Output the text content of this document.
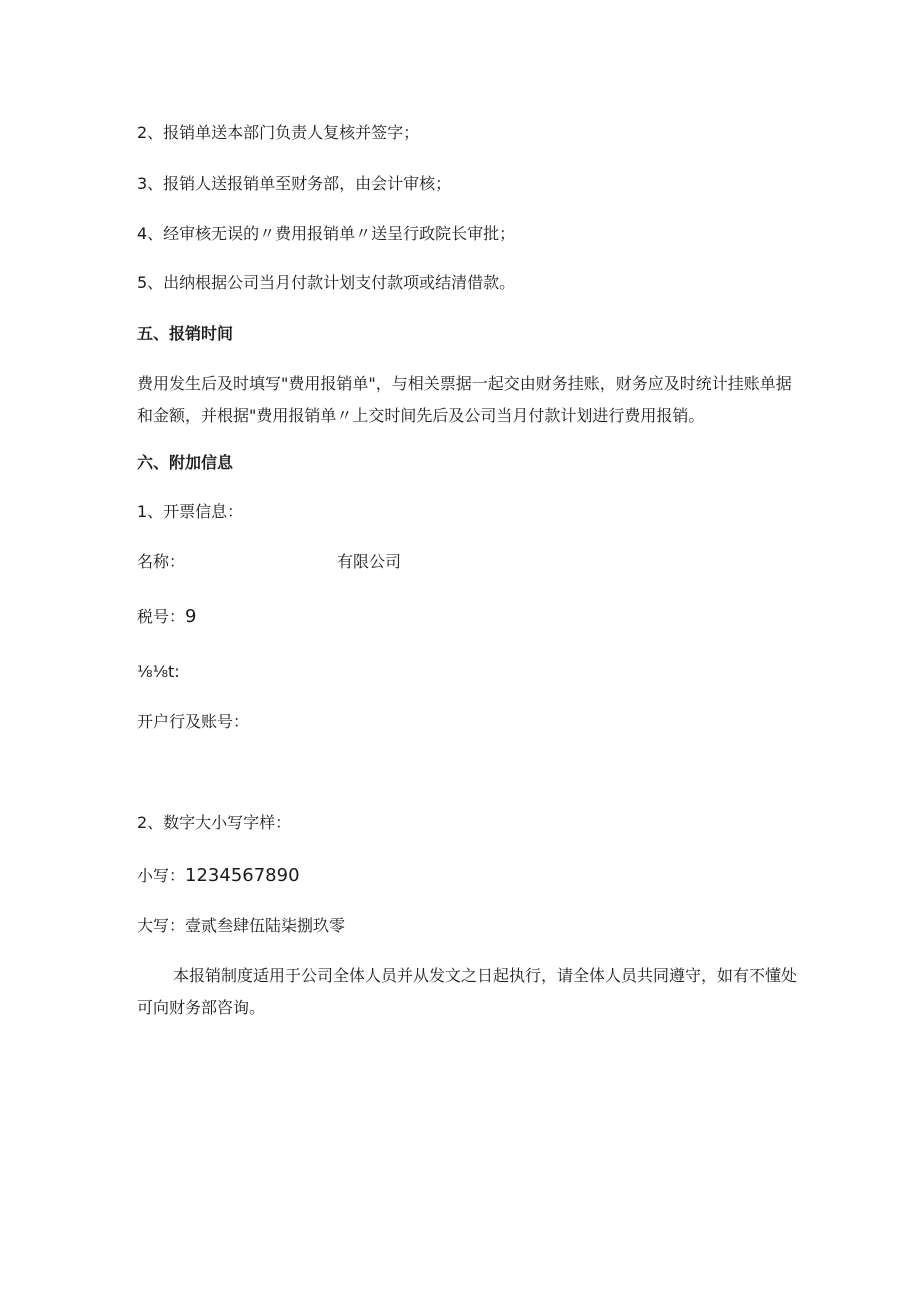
2、报销单送本部门负责人复核并签字；

3、报销人送报销单至财务部，由会计审核；

4、经审核无误的〃费用报销单〃送呈行政院长审批；

5、出纳根据公司当月付款计划支付款项或结清借款。

五、报销时间

费用发生后及时填写"费用报销单"，与相关票据一起交由财务挂账，财务应及时统计挂账单据和金额，并根据"费用报销单〃上交时间先后及公司当月付款计划进行费用报销。

六、附加信息

1、开票信息：

名称：	有限公司

税号：9

⅛⅛t:

开户行及账号：

2、数字大小写字样：

小写：1234567890

大写：壹贰叁肆伍陆柒捌玖零

本报销制度适用于公司全体人员并从发文之日起执行，请全体人员共同遵守，如有不懂处可向财务部咨询。
